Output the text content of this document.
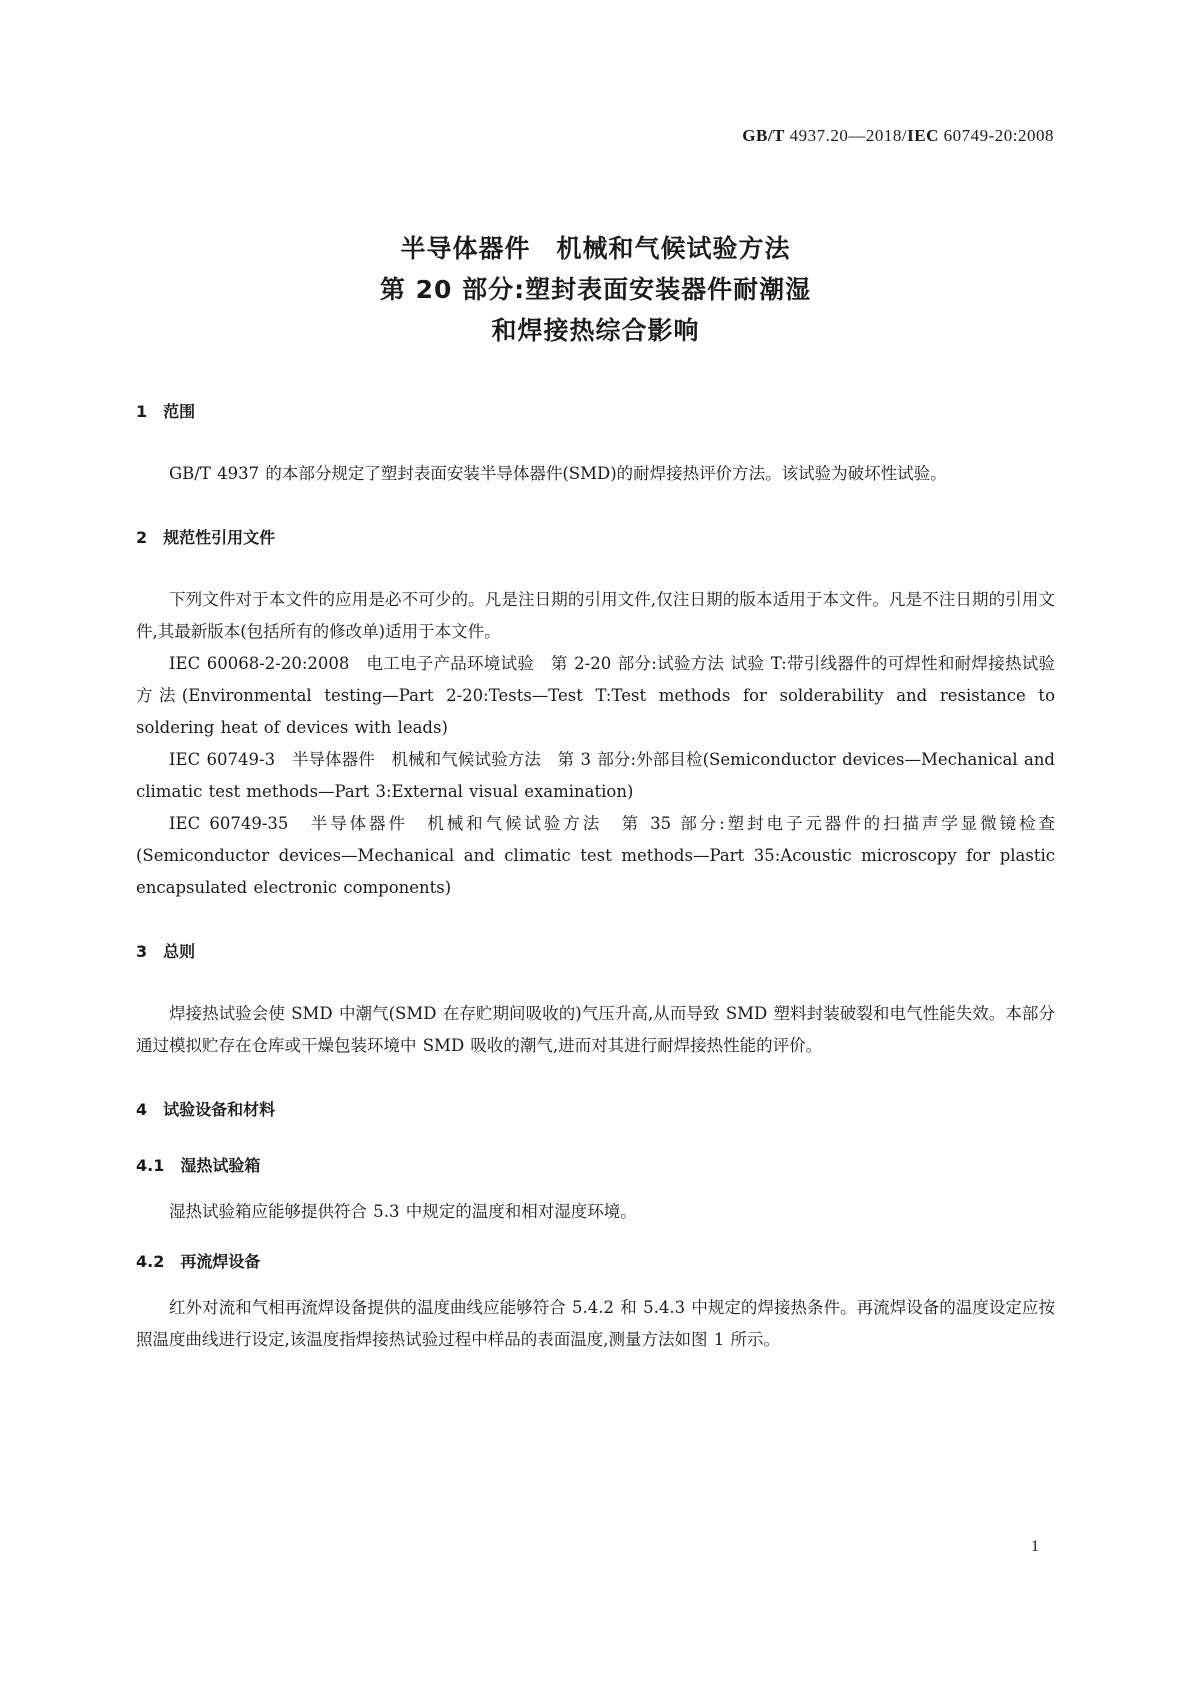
GB/T 4937.20—2018/IEC 60749-20:2008
半导体器件　机械和气候试验方法
第 20 部分:塑封表面安装器件耐潮湿
和焊接热综合影响
1　范围

GB/T 4937 的本部分规定了塑封表面安装半导体器件(SMD)的耐焊接热评价方法。该试验为破坏性试验。

2　规范性引用文件

下列文件对于本文件的应用是必不可少的。凡是注日期的引用文件,仅注日期的版本适用于本文件。凡是不注日期的引用文件,其最新版本(包括所有的修改单)适用于本文件。

IEC 60068-2-20:2008　电工电子产品环境试验　第 2-20 部分:试验方法 试验 T:带引线器件的可焊性和耐焊接热试验方法(Environmental testing—Part 2-20:Tests—Test T:Test methods for solderability and resistance to soldering heat of devices with leads)

IEC 60749-3　半导体器件　机械和气候试验方法　第 3 部分:外部目检(Semiconductor devices—Mechanical and climatic test methods—Part 3:External visual examination)

IEC 60749-35　半导体器件　机械和气候试验方法　第 35 部分:塑封电子元器件的扫描声学显微镜检查(Semiconductor devices—Mechanical and climatic test methods—Part 35:Acoustic microscopy for plastic encapsulated electronic components)

3　总则

焊接热试验会使 SMD 中潮气(SMD 在存贮期间吸收的)气压升高,从而导致 SMD 塑料封装破裂和电气性能失效。本部分通过模拟贮存在仓库或干燥包装环境中 SMD 吸收的潮气,进而对其进行耐焊接热性能的评价。

4　试验设备和材料
4.1　湿热试验箱

湿热试验箱应能够提供符合 5.3 中规定的温度和相对湿度环境。

4.2　再流焊设备

红外对流和气相再流焊设备提供的温度曲线应能够符合 5.4.2 和 5.4.3 中规定的焊接热条件。再流焊设备的温度设定应按照温度曲线进行设定,该温度指焊接热试验过程中样品的表面温度,测量方法如图 1 所示。

1
